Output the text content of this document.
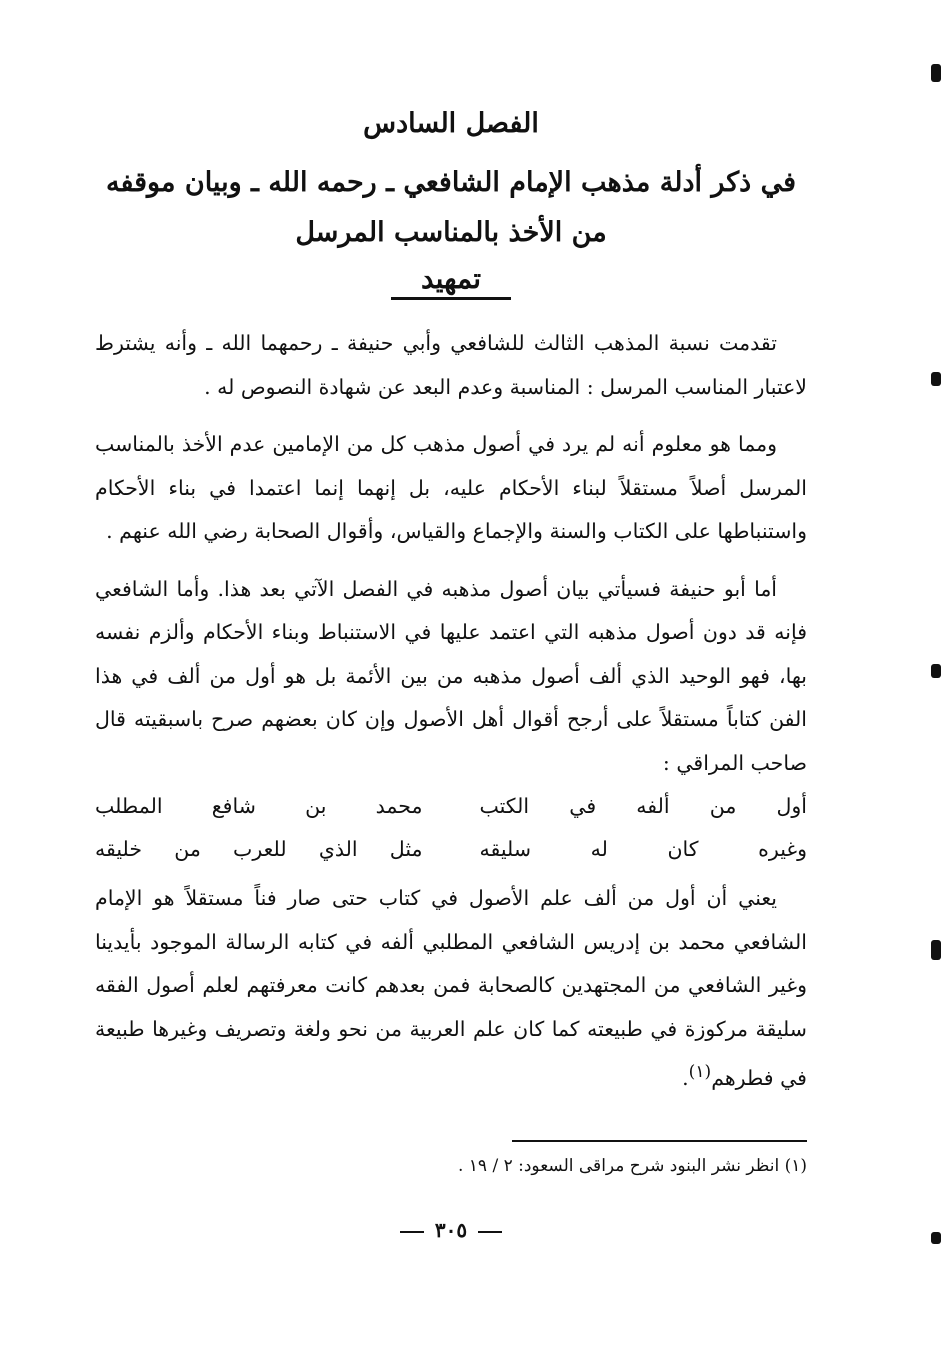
الفصل السادس
في ذكر أدلة مذهب الإمام الشافعي ـ رحمه الله ـ وبيان موقفه من الأخذ بالمناسب المرسل
تمهيد

تقدمت نسبة المذهب الثالث للشافعي وأبي حنيفة ـ رحمهما الله ـ وأنه يشترط لاعتبار المناسب المرسل : المناسبة وعدم البعد عن شهادة النصوص له .

ومما هو معلوم أنه لم يرد في أصول مذهب كل من الإمامين عدم الأخذ بالمناسب المرسل أصلاً مستقلاً لبناء الأحكام عليه، بل إنهما إنما اعتمدا في بناء الأحكام واستنباطها على الكتاب والسنة والإجماع والقياس، وأقوال الصحابة رضي الله عنهم .

أما أبو حنيفة فسيأتي بيان أصول مذهبه في الفصل الآتي بعد هذا. وأما الشافعي فإنه قد دون أصول مذهبه التي اعتمد عليها في الاستنباط وبناء الأحكام وألزم نفسه بها، فهو الوحيد الذي ألف أصول مذهبه من بين الأئمة بل هو أول من ألف في هذا الفن كتاباً مستقلاً على أرجح أقوال أهل الأصول وإن كان بعضهم صرح باسبقيته قال صاحب المراقي :

أول من ألفه في الكتب
محمد بن شافع المطلب
وغيره كان له سليقه
مثل الذي للعرب من خليقه

يعني أن أول من ألف علم الأصول في كتاب حتى صار فناً مستقلاً هو الإمام الشافعي محمد بن إدريس الشافعي المطلبي ألفه في كتابه الرسالة الموجود بأيدينا وغير الشافعي من المجتهدين كالصحابة فمن بعدهم كانت معرفتهم لعلم أصول الفقه سليقة مركوزة في طبيعته كما كان علم العربية من نحو ولغة وتصريف وغيرها طبيعة في فطرهم$^{(١)}$.

(١) انظر نشر البنود شرح مراقى السعود: ٢ / ١٩ .
٣٠٥
